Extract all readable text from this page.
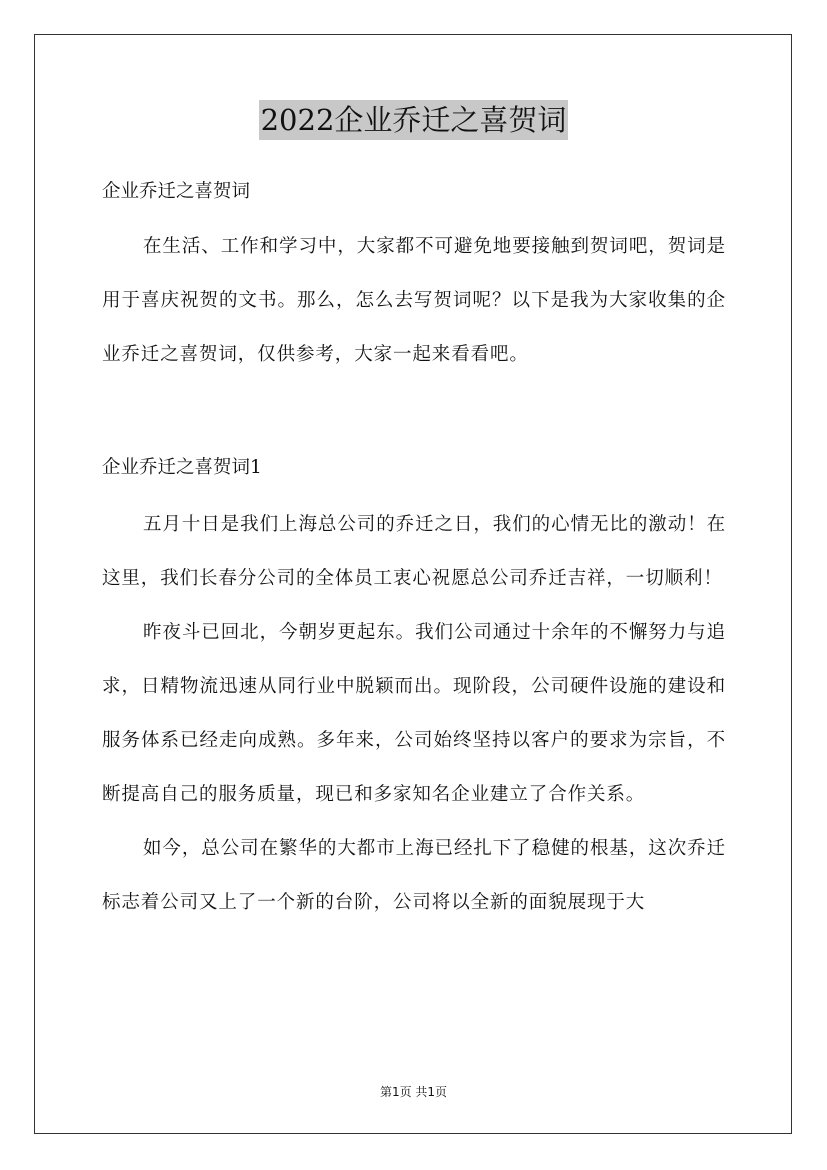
2022企业乔迁之喜贺词

企业乔迁之喜贺词

在生活、工作和学习中，大家都不可避免地要接触到贺词吧，贺词是用于喜庆祝贺的文书。那么，怎么去写贺词呢？以下是我为大家收集的企业乔迁之喜贺词，仅供参考，大家一起来看看吧。

企业乔迁之喜贺词1

五月十日是我们上海总公司的乔迁之日，我们的心情无比的激动！在这里，我们长春分公司的全体员工衷心祝愿总公司乔迁吉祥，一切顺利！

昨夜斗已回北，今朝岁更起东。我们公司通过十余年的不懈努力与追求，日精物流迅速从同行业中脱颖而出。现阶段，公司硬件设施的建设和服务体系已经走向成熟。多年来，公司始终坚持以客户的要求为宗旨，不断提高自己的服务质量，现已和多家知名企业建立了合作关系。

如今，总公司在繁华的大都市上海已经扎下了稳健的根基，这次乔迁标志着公司又上了一个新的台阶，公司将以全新的面貌展现于大

第1页 共1页
